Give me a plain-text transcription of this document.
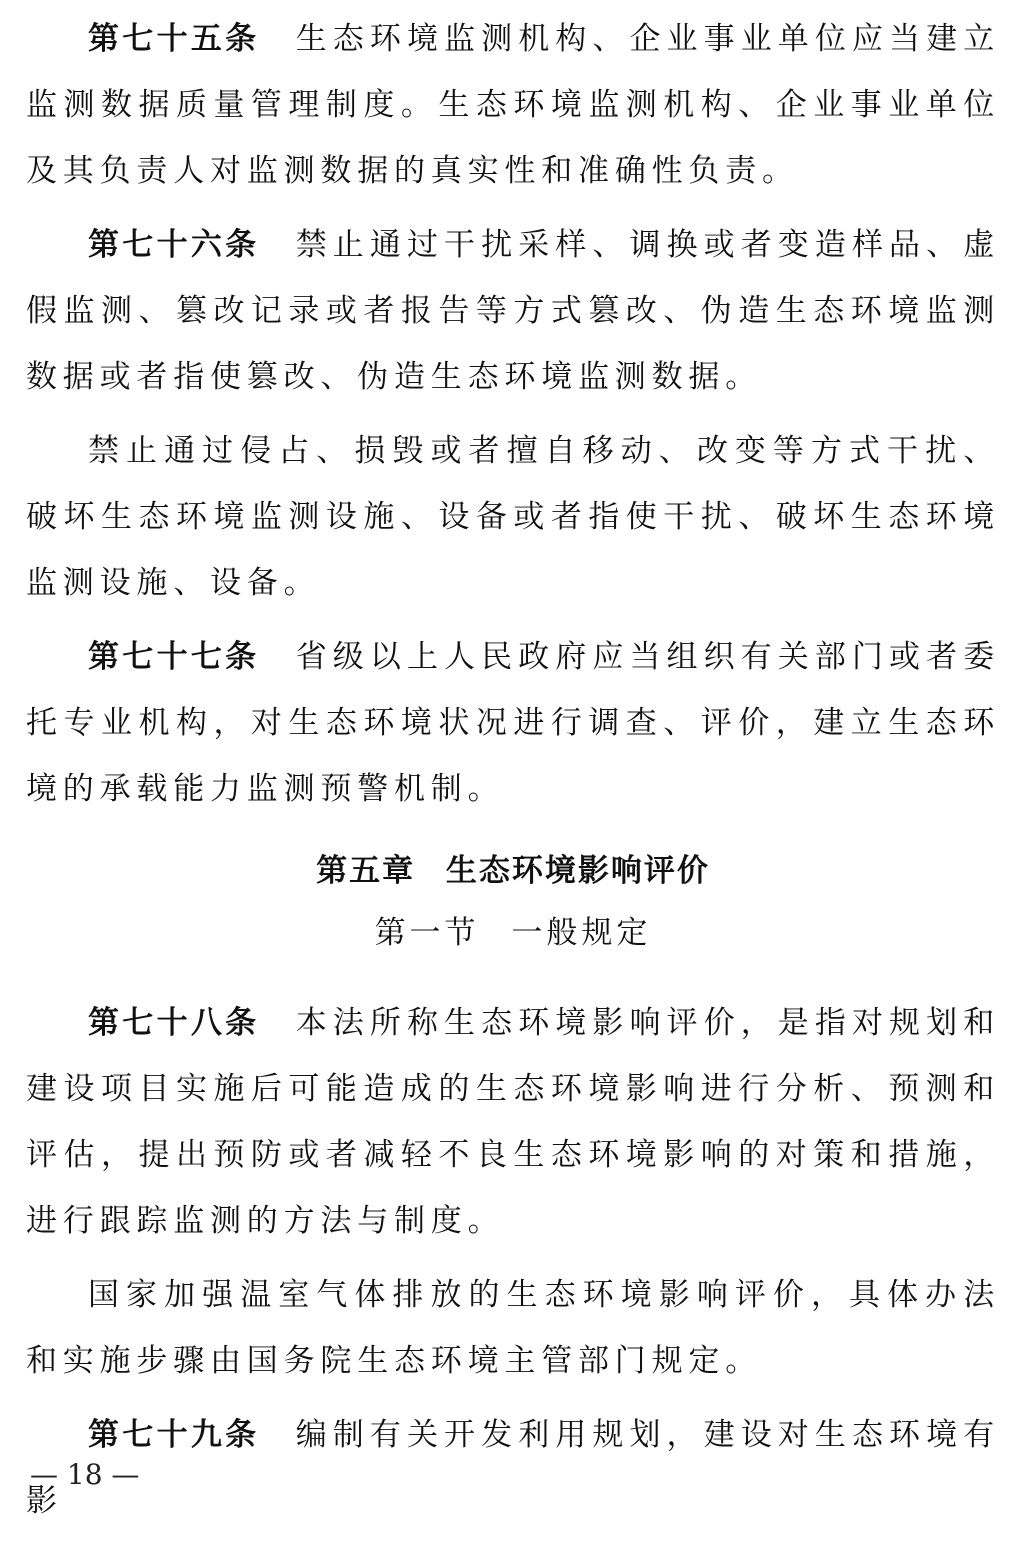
第七十五条 生态环境监测机构、企业事业单位应当建立监测数据质量管理制度。生态环境监测机构、企业事业单位及其负责人对监测数据的真实性和准确性负责。

第七十六条 禁止通过干扰采样、调换或者变造样品、虚假监测、篡改记录或者报告等方式篡改、伪造生态环境监测数据或者指使篡改、伪造生态环境监测数据。

禁止通过侵占、损毁或者擅自移动、改变等方式干扰、破坏生态环境监测设施、设备或者指使干扰、破坏生态环境监测设施、设备。

第七十七条 省级以上人民政府应当组织有关部门或者委托专业机构，对生态环境状况进行调查、评价，建立生态环境的承载能力监测预警机制。

第五章 生态环境影响评价
第一节 一般规定

第七十八条 本法所称生态环境影响评价，是指对规划和建设项目实施后可能造成的生态环境影响进行分析、预测和评估，提出预防或者减轻不良生态环境影响的对策和措施，进行跟踪监测的方法与制度。

国家加强温室气体排放的生态环境影响评价，具体办法和实施步骤由国务院生态环境主管部门规定。

第七十九条 编制有关开发利用规划，建设对生态环境有影

— 18 —
